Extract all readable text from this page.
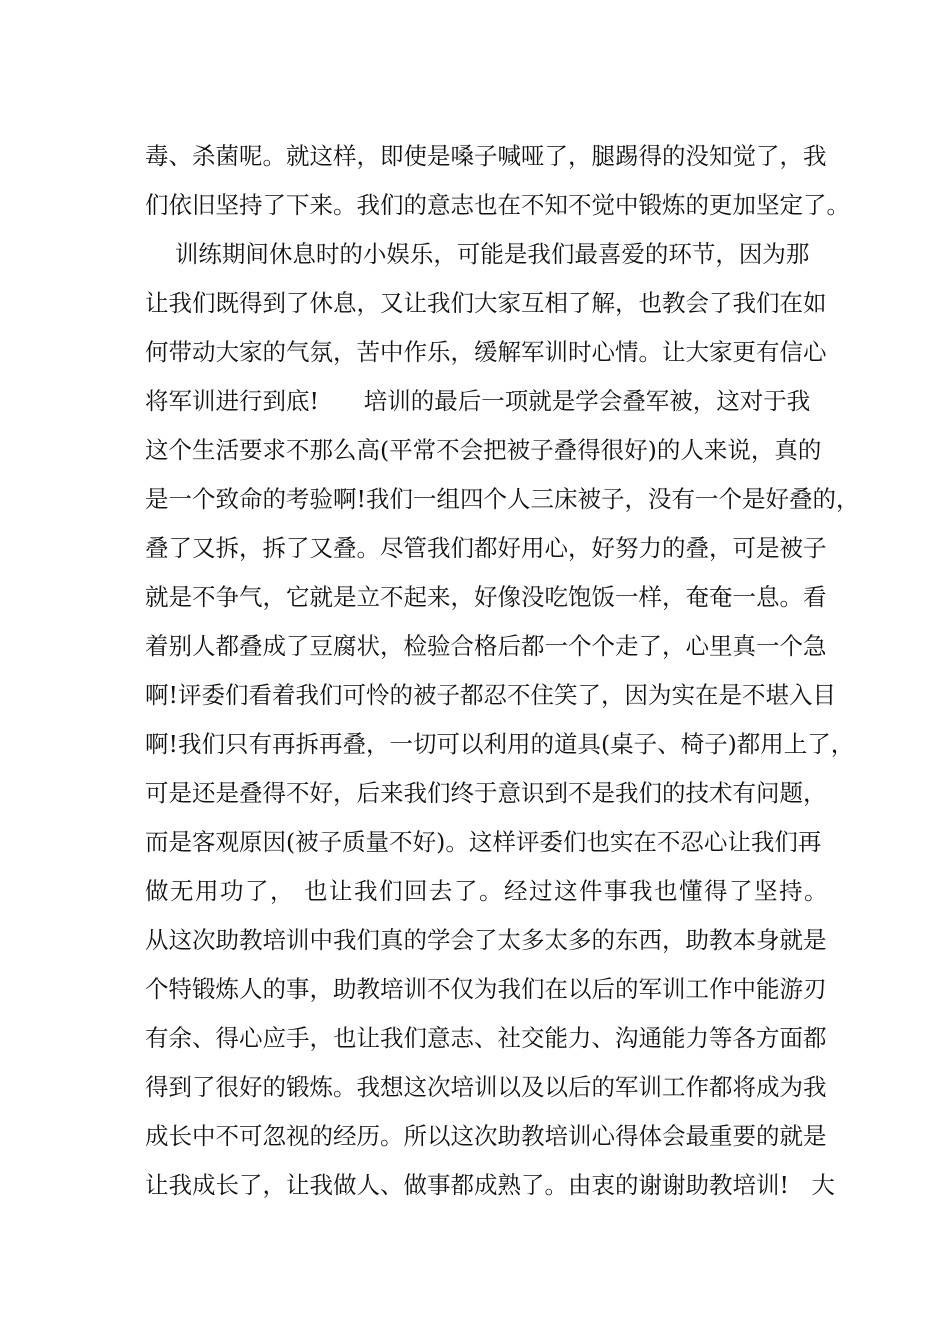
毒、杀菌呢。就这样，即使是嗓子喊哑了，腿踢得的没知觉了，我
们依旧坚持了下来。我们的意志也在不知不觉中锻炼的更加坚定了。
训练期间休息时的小娱乐，可能是我们最喜爱的环节，因为那
让我们既得到了休息，又让我们大家互相了解，也教会了我们在如
何带动大家的气氛，苦中作乐，缓解军训时心情。让大家更有信心
将军训进行到底!      培训的最后一项就是学会叠军被，这对于我
这个生活要求不那么高(平常不会把被子叠得很好)的人来说，真的
是一个致命的考验啊!我们一组四个人三床被子，没有一个是好叠的，
叠了又拆，拆了又叠。尽管我们都好用心，好努力的叠，可是被子
就是不争气，它就是立不起来，好像没吃饱饭一样，奄奄一息。看
着别人都叠成了豆腐状，检验合格后都一个个走了，心里真一个急
啊!评委们看着我们可怜的被子都忍不住笑了，因为实在是不堪入目
啊!我们只有再拆再叠，一切可以利用的道具(桌子、椅子)都用上了，
可是还是叠得不好，后来我们终于意识到不是我们的技术有问题，
而是客观原因(被子质量不好)。这样评委们也实在不忍心让我们再
做无用功了， 也让我们回去了。经过这件事我也懂得了坚持。
从这次助教培训中我们真的学会了太多太多的东西，助教本身就是
个特锻炼人的事，助教培训不仅为我们在以后的军训工作中能游刃
有余、得心应手，也让我们意志、社交能力、沟通能力等各方面都
得到了很好的锻炼。我想这次培训以及以后的军训工作都将成为我
成长中不可忽视的经历。所以这次助教培训心得体会最重要的就是
让我成长了，让我做人、做事都成熟了。由衷的谢谢助教培训!   大
